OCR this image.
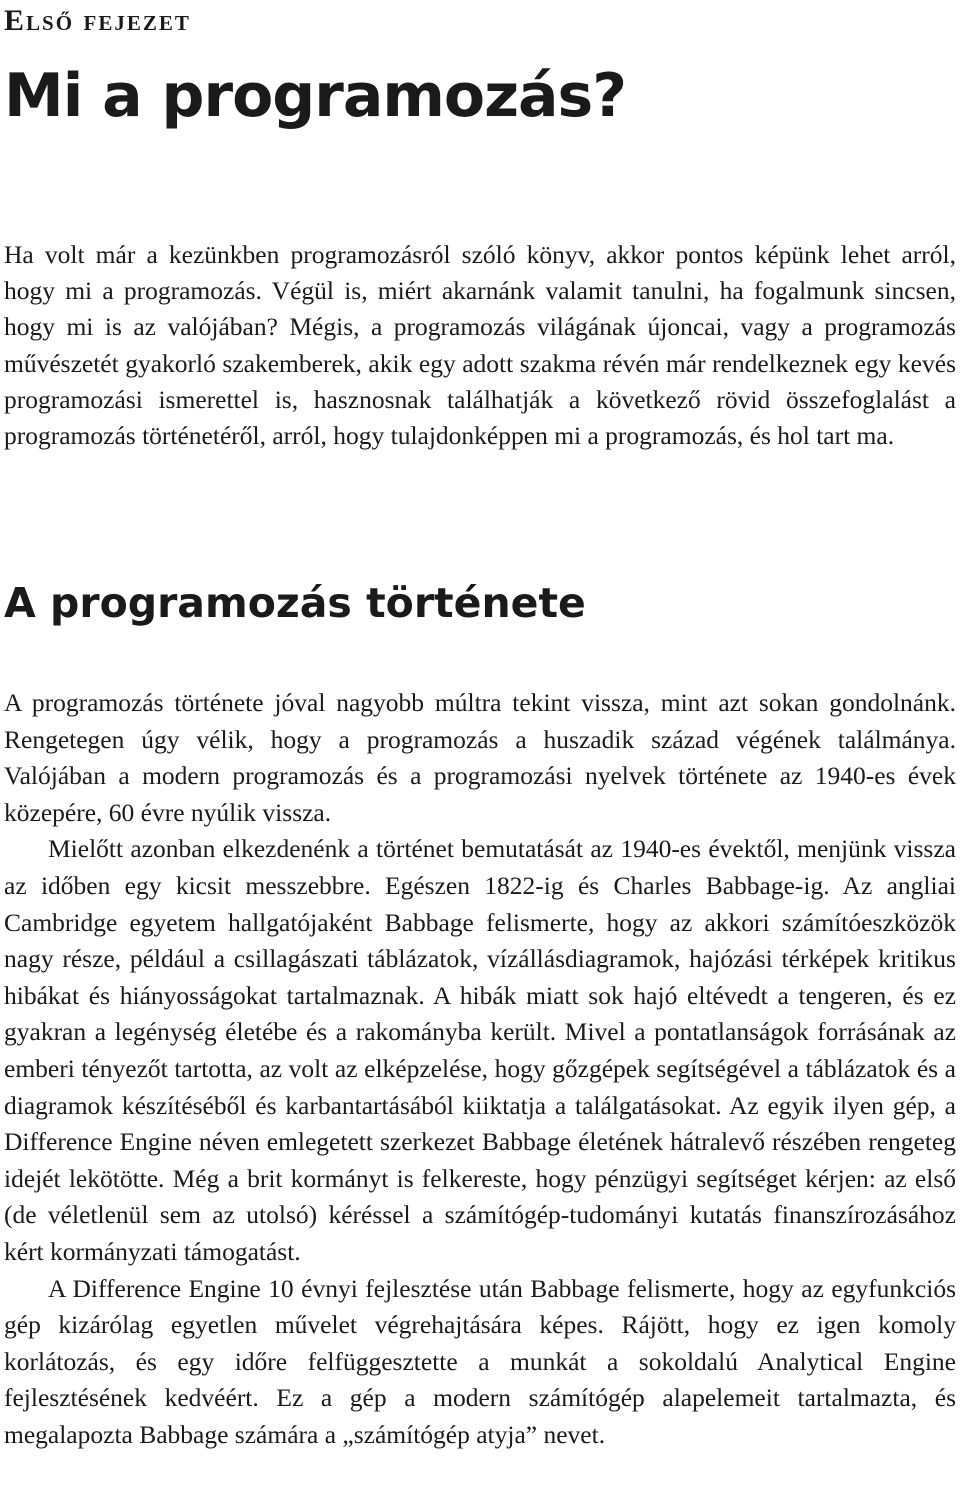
Első fejezet
Mi a programozás?

Ha volt már a kezünkben programozásról szóló könyv, akkor pontos képünk lehet arról, hogy mi a programozás. Végül is, miért akarnánk valamit tanulni, ha fogalmunk sincsen, hogy mi is az valójában? Mégis, a programozás világának újoncai, vagy a programozás művészetét gyakorló szakemberek, akik egy adott szakma révén már rendelkeznek egy kevés programozási ismerettel is, hasznosnak találhatják a következő rövid összefoglalást a programozás történetéről, arról, hogy tulajdonképpen mi a programozás, és hol tart ma.

A programozás története

A programozás története jóval nagyobb múltra tekint vissza, mint azt sokan gondolnánk. Rengetegen úgy vélik, hogy a programozás a huszadik század végének találmánya. Valójában a modern programozás és a programozási nyelvek története az 1940-es évek közepére, 60 évre nyúlik vissza.

Mielőtt azonban elkezdenénk a történet bemutatását az 1940-es évektől, menjünk vissza az időben egy kicsit messzebbre. Egészen 1822-ig és Charles Babbage-ig. Az angliai Cambridge egyetem hallgatójaként Babbage felismerte, hogy az akkori számítóeszközök nagy része, például a csillagászati táblázatok, vízállásdiagramok, hajózási térképek kritikus hibákat és hiányosságokat tartalmaznak. A hibák miatt sok hajó eltévedt a tengeren, és ez gyakran a legénység életébe és a rakományba került. Mivel a pontatlanságok forrásának az emberi tényezőt tartotta, az volt az elképzelése, hogy gőzgépek segítségével a táblázatok és a diagramok készítéséből és karbantartásából kiiktatja a találgatásokat. Az egyik ilyen gép, a Difference Engine néven emlegetett szerkezet Babbage életének hátralevő részében rengeteg idejét lekötötte. Még a brit kormányt is felkereste, hogy pénzügyi segítséget kérjen: az első (de véletlenül sem az utolsó) kéréssel a számítógép-tudományi kutatás finanszírozásához kért kormányzati támogatást.

A Difference Engine 10 évnyi fejlesztése után Babbage felismerte, hogy az egyfunkciós gép kizárólag egyetlen művelet végrehajtására képes. Rájött, hogy ez igen komoly korlátozás, és egy időre felfüggesztette a munkát a sokoldalú Analytical Engine fejlesztésének kedvéért. Ez a gép a modern számítógép alapelemeit tartalmazta, és megalapozta Babbage számára a „számítógép atyja” nevet.
